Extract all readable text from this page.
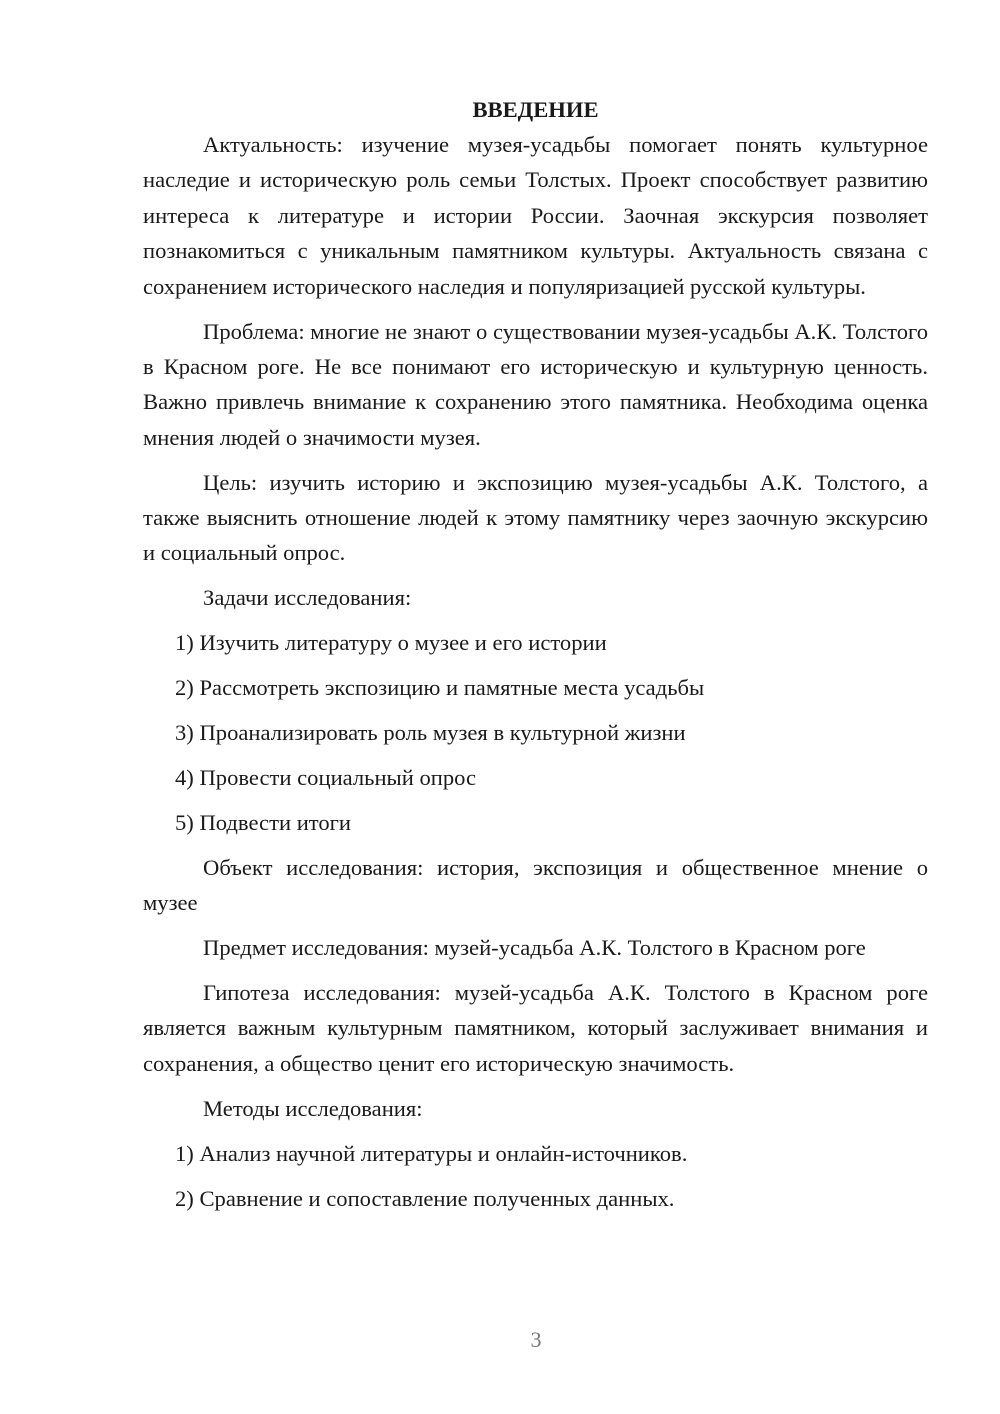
ВВЕДЕНИЕ

Актуальность: изучение музея-усадьбы помогает понять культурное наследие и историческую роль семьи Толстых. Проект способствует развитию интереса к литературе и истории России. Заочная экскурсия позволяет познакомиться с уникальным памятником культуры. Актуальность связана с сохранением исторического наследия и популяризацией русской культуры.

Проблема: многие не знают о существовании музея-усадьбы А.К. Толстого в Красном роге. Не все понимают его историческую и культурную ценность. Важно привлечь внимание к сохранению этого памятника. Необходима оценка мнения людей о значимости музея.

Цель: изучить историю и экспозицию музея-усадьбы А.К. Толстого, а также выяснить отношение людей к этому памятнику через заочную экскурсию и социальный опрос.

Задачи исследования:

1) Изучить литературу о музее и его истории

2) Рассмотреть экспозицию и памятные места усадьбы

3) Проанализировать роль музея в культурной жизни

4) Провести социальный опрос

5) Подвести итоги

Объект исследования: история, экспозиция и общественное мнение о музее

Предмет исследования: музей-усадьба А.К. Толстого в Красном роге

Гипотеза исследования: музей-усадьба А.К. Толстого в Красном роге является важным культурным памятником, который заслуживает внимания и сохранения, а общество ценит его историческую значимость.

Методы исследования:

1) Анализ научной литературы и онлайн-источников.

2) Сравнение и сопоставление полученных данных.

3
